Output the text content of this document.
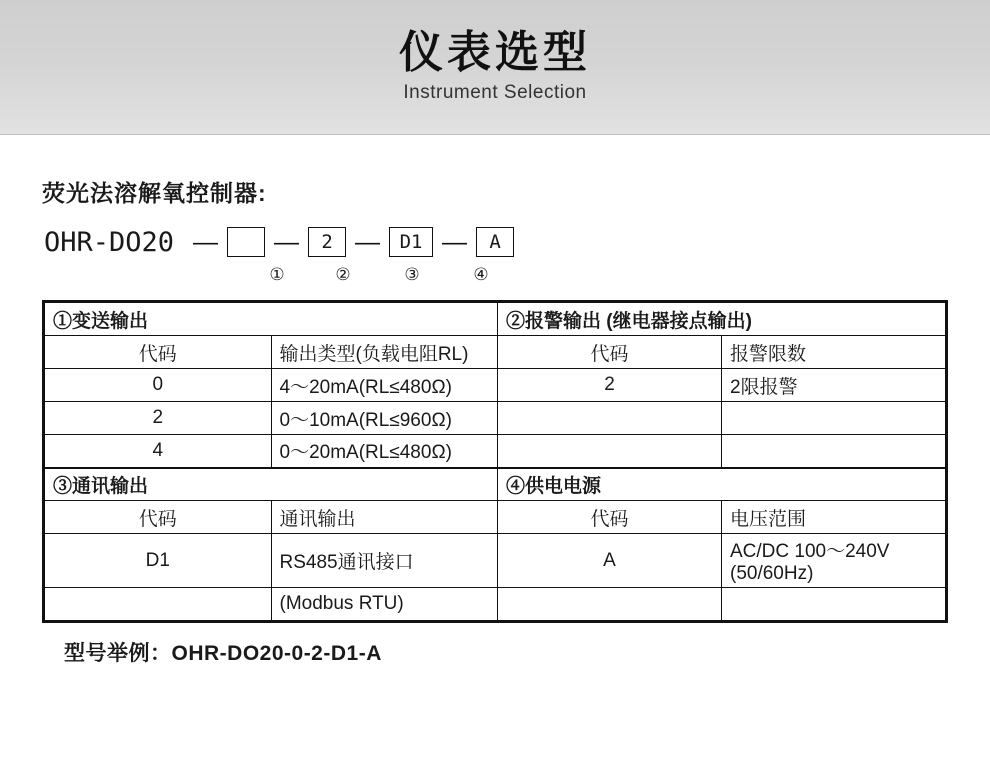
仪表选型
Instrument Selection
荧光法溶解氧控制器:
OHR-DO20 — —	2 —	D1 —	A
①	②	③	④
①变送输出		②报警输出 (继电器接点输出)	
代码	输出类型(负载电阻RL)	代码	报警限数
0	4～20mA(RL≤480Ω)	2	2限报警
2	0～10mA(RL≤960Ω)		
4	0～20mA(RL≤480Ω)		
③通讯输出		④供电电源	
代码	通讯输出	代码	电压范围
D1	RS485通讯接口	A	AC/DC 100～240V (50/60Hz)
	(Modbus RTU)		
型号举例：OHR-DO20-0-2-D1-A
